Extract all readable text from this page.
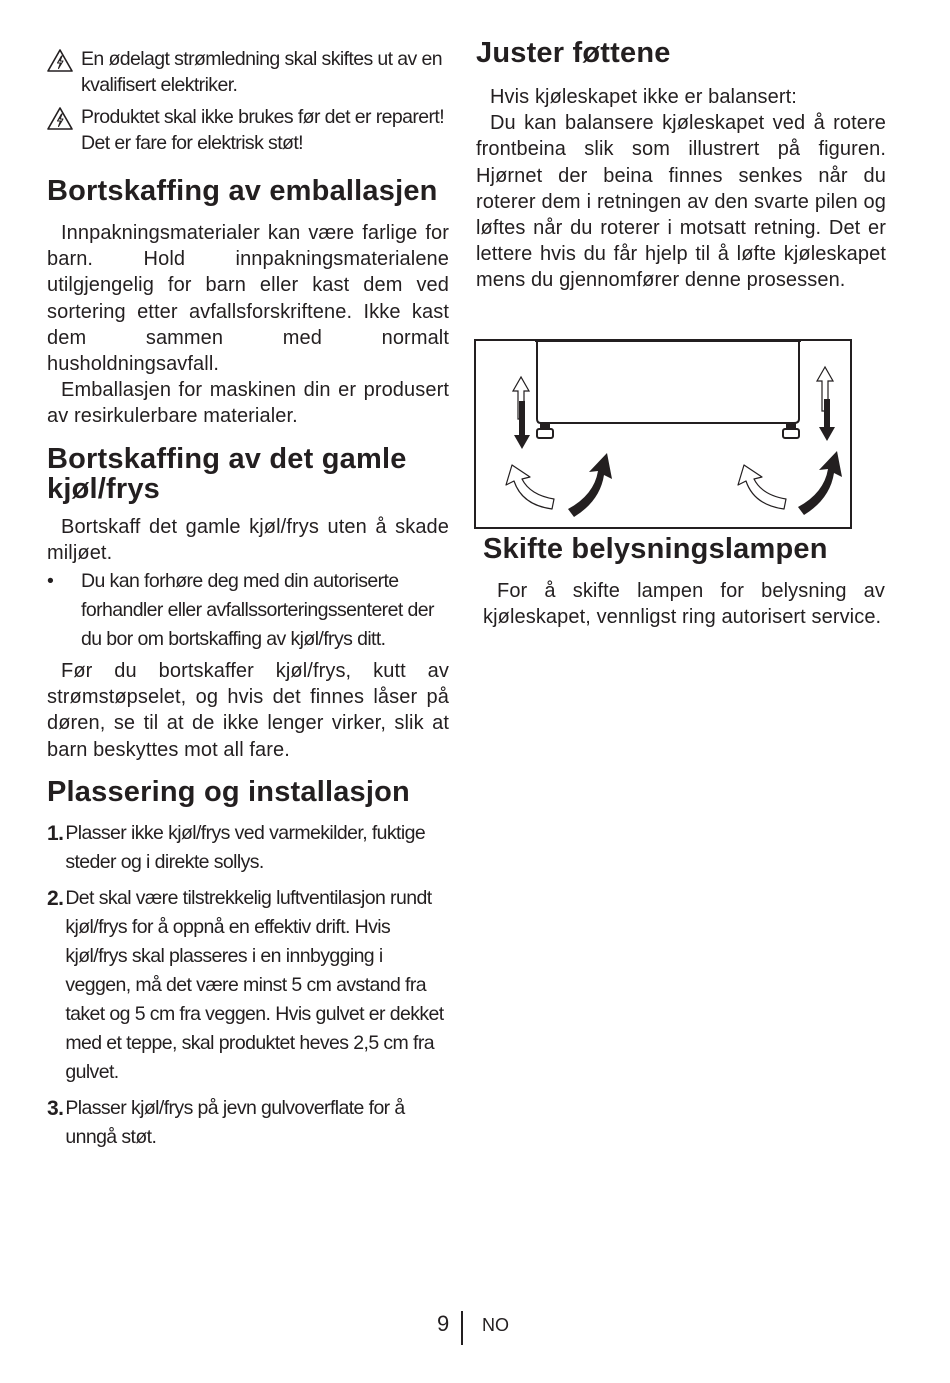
En ødelagt strømledning skal skiftes ut av en kvalifisert elektriker.
Produktet skal ikke brukes før det er reparert! Det er fare for elektrisk støt!
Bortskaffing av emballasjen

Innpakningsmaterialer kan være farlige for barn. Hold innpakningsmaterialene utilgjengelig for barn eller kast dem ved sortering etter avfallsforskriftene. Ikke kast dem sammen med normalt husholdningsavfall.

Emballasjen for maskinen din er produsert av resirkulerbare materialer.

Bortskaffing av det gamle kjøl/frys

Bortskaff det gamle kjøl/frys uten å skade miljøet.

• Du kan forhøre deg med din autoriserte forhandler eller avfallssorteringssenteret der du bor om bortskaffing av kjøl/frys ditt.

Før du bortskaffer kjøl/frys, kutt av strømstøpselet, og hvis det finnes låser på døren, se til at de ikke lenger virker, slik at barn beskyttes mot all fare.

Plassering og installasjon
1. Plasser ikke kjøl/frys ved varmekilder, fuktige steder og i direkte sollys.
2. Det skal være tilstrekkelig luftventilasjon rundt kjøl/frys for å oppnå en effektiv drift. Hvis kjøl/frys skal plasseres i en innbygging i veggen, må det være minst 5 cm avstand fra taket og 5 cm fra veggen. Hvis gulvet er dekket med et teppe, skal produktet heves 2,5 cm fra gulvet.
3. Plasser kjøl/frys på jevn gulvoverflate for å unngå støt.
Juster føttene

Hvis kjøleskapet ikke er balansert:

Du kan balansere kjøleskapet ved å rotere frontbeina slik som illustrert på figuren. Hjørnet der beina finnes senkes når du roterer dem i retningen av den svarte pilen og løftes når du roterer i motsatt retning. Det er lettere hvis du får hjelp til å løfte kjøleskapet mens du gjennomfører denne prosessen.

Skifte belysningslampen

For å skifte lampen for belysning av kjøleskapet, vennligst ring autorisert service.

9 NO
